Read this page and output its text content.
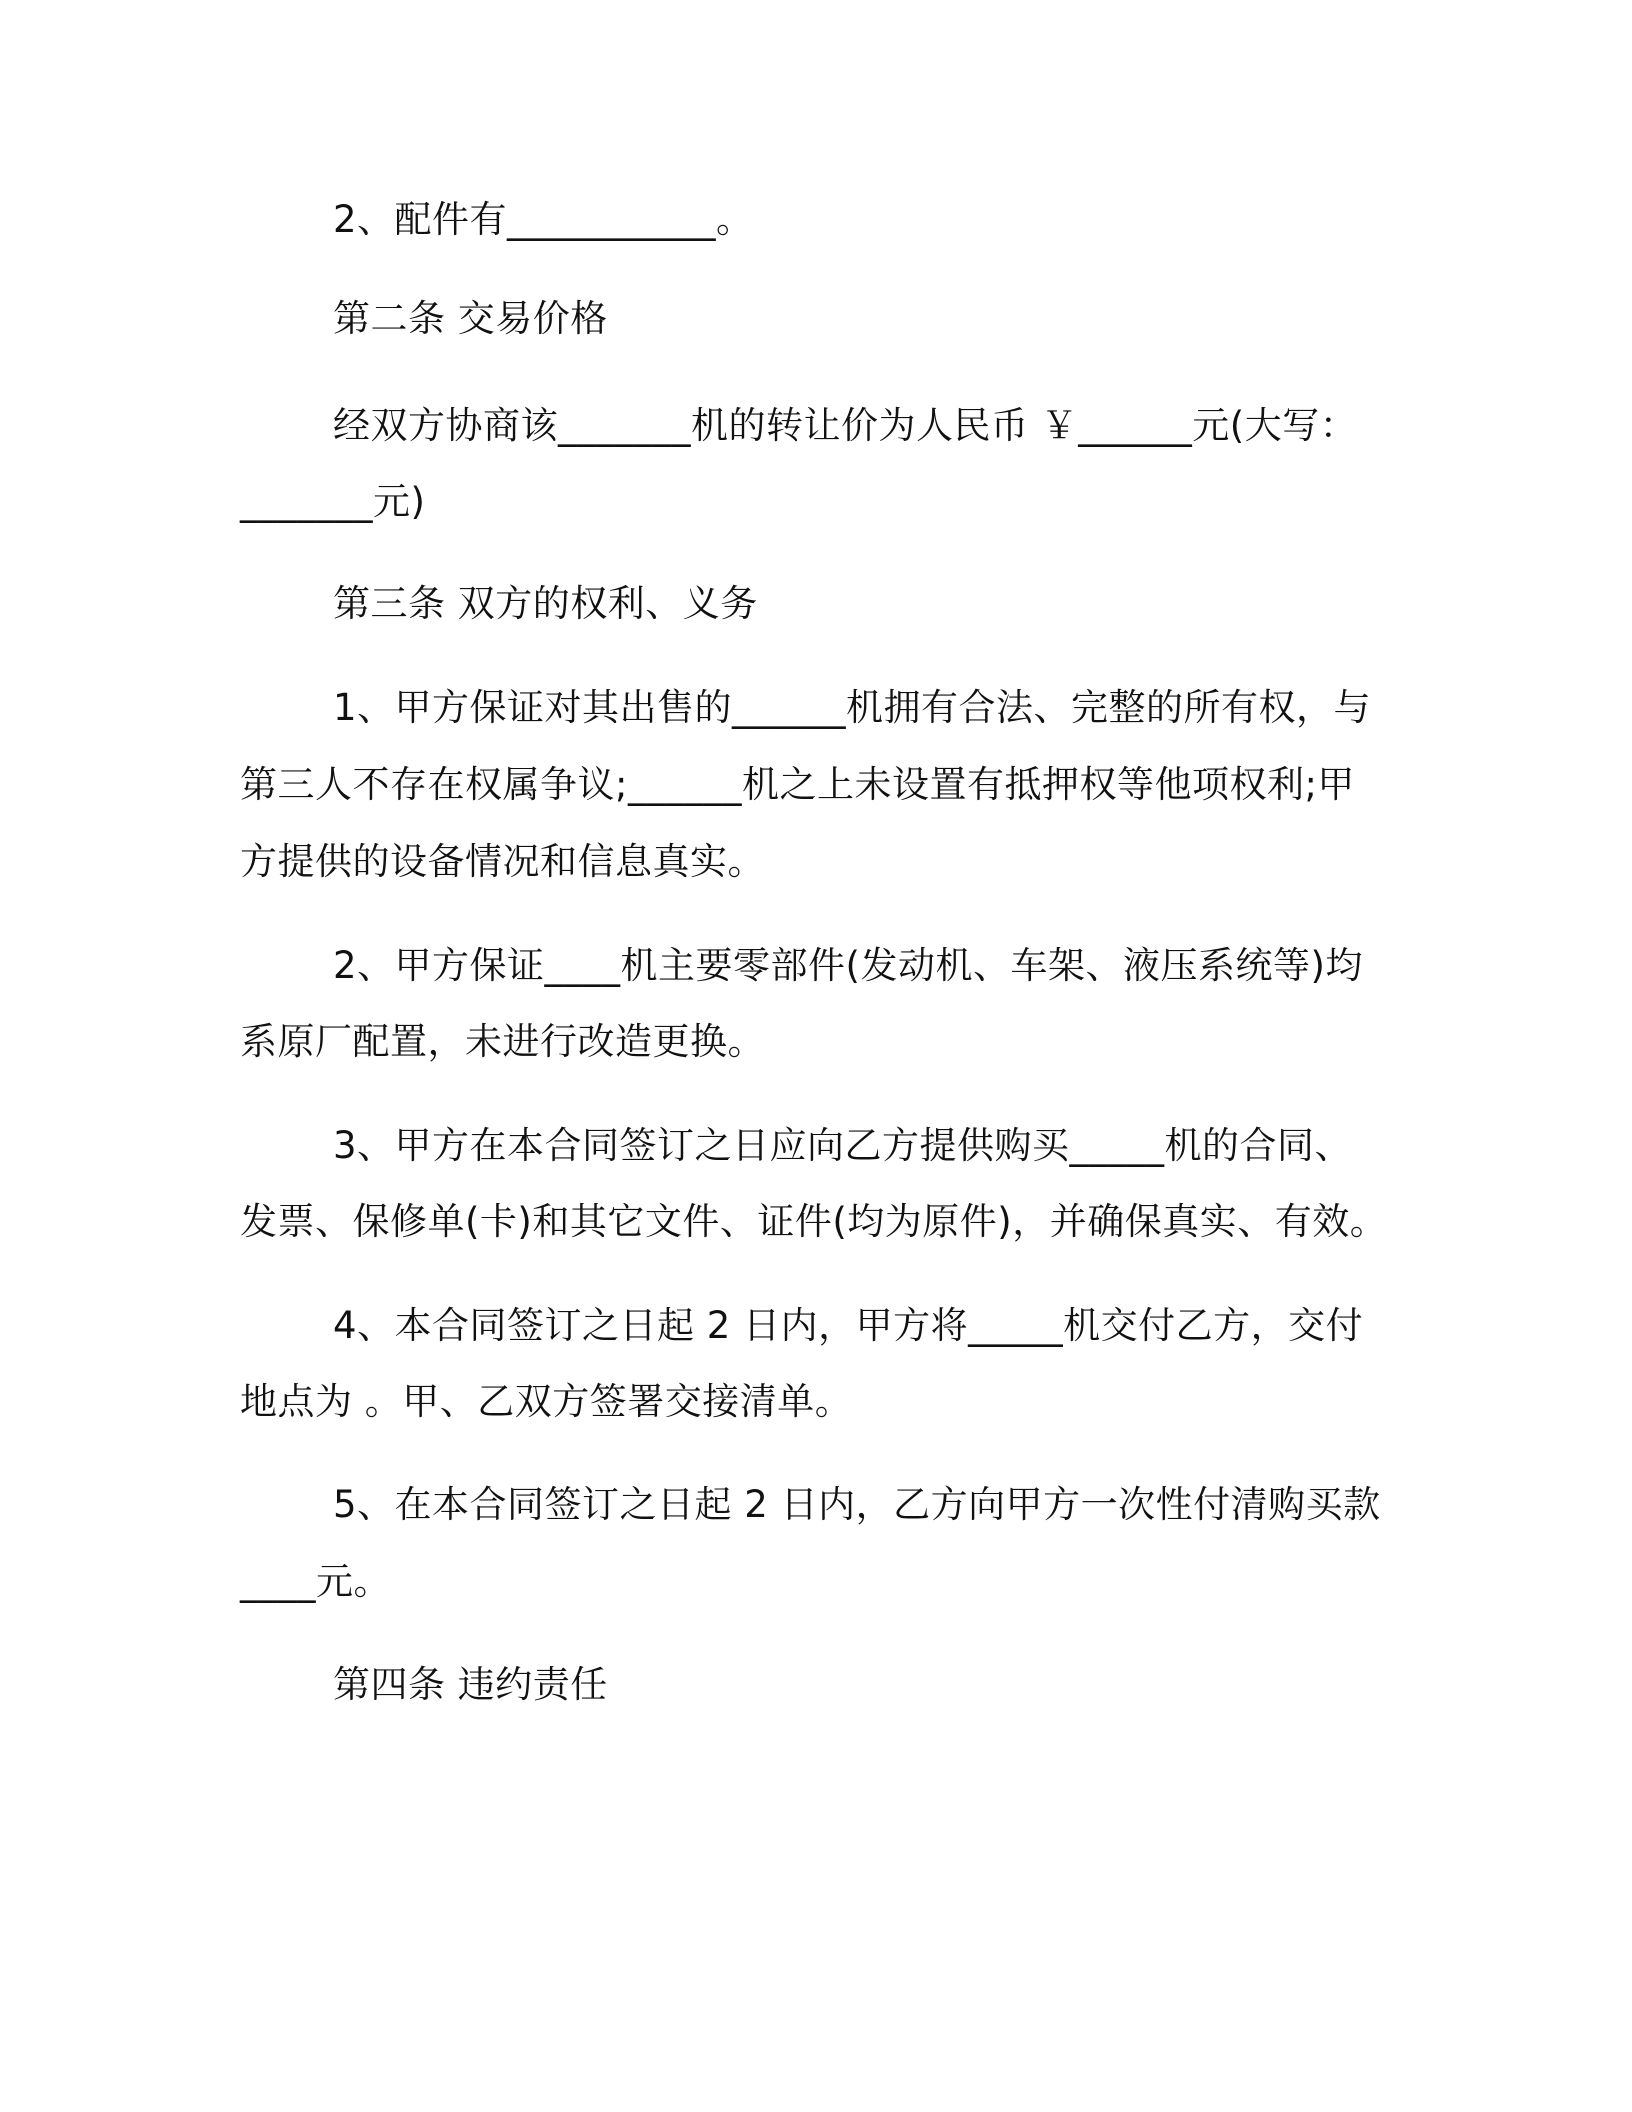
2、配件有___________。
第二条 交易价格
经双方协商该_______机的转让价为人民币 ￥______元(大写：
_______元)
第三条 双方的权利、义务
1、甲方保证对其出售的______机拥有合法、完整的所有权，与
第三人不存在权属争议;______机之上未设置有抵押权等他项权利;甲
方提供的设备情况和信息真实。
2、甲方保证____机主要零部件(发动机、车架、液压系统等)均
系原厂配置，未进行改造更换。
3、甲方在本合同签订之日应向乙方提供购买_____机的合同、
发票、保修单(卡)和其它文件、证件(均为原件)，并确保真实、有效。
4、本合同签订之日起 2 日内，甲方将_____机交付乙方，交付
地点为 。甲、乙双方签署交接清单。
5、在本合同签订之日起 2 日内，乙方向甲方一次性付清购买款
____元。
第四条 违约责任
